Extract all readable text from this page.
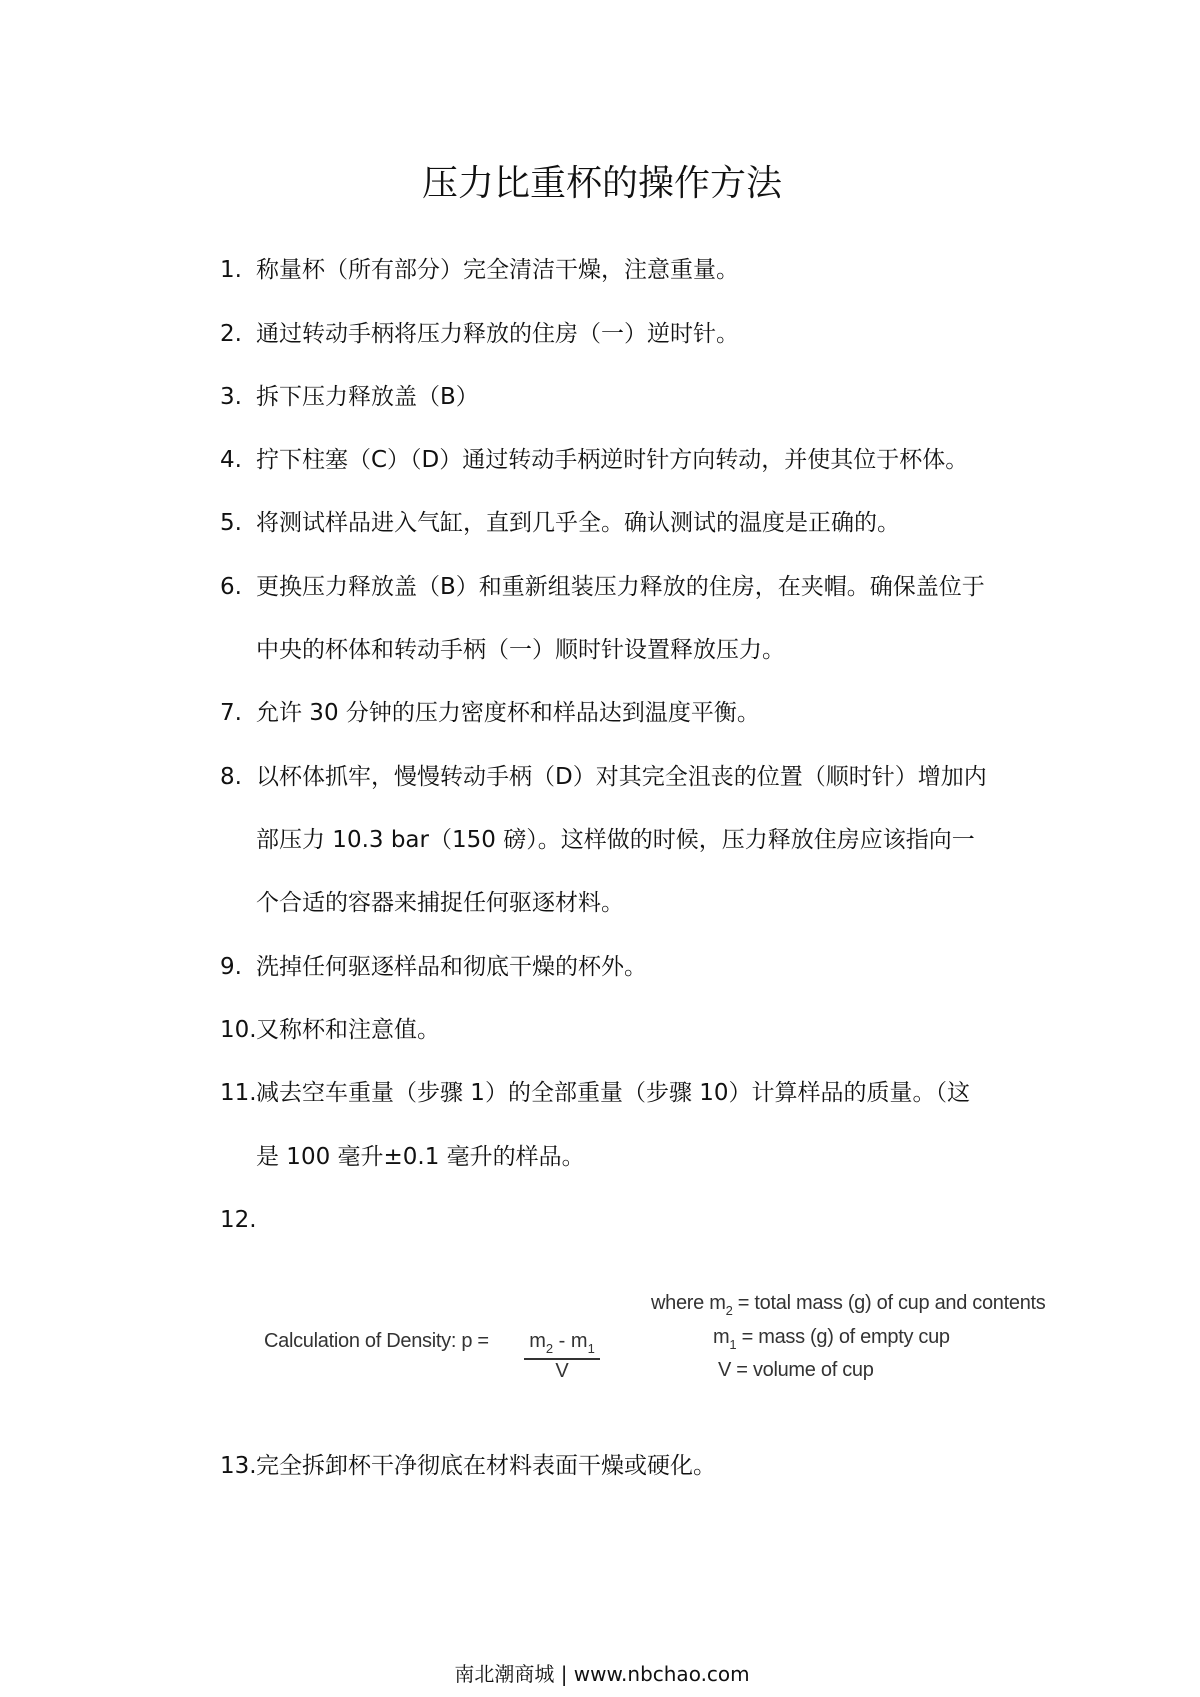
压力比重杯的操作方法
1. 称量杯（所有部分）完全清洁干燥，注意重量。
2. 通过转动手柄将压力释放的住房（一）逆时针。
3. 拆下压力释放盖（B）
4. 拧下柱塞（C）（D）通过转动手柄逆时针方向转动，并使其位于杯体。
5. 将测试样品进入气缸，直到几乎全。确认测试的温度是正确的。
6. 更换压力释放盖（B）和重新组装压力释放的住房，在夹帽。确保盖位于
中央的杯体和转动手柄（一）顺时针设置释放压力。
7. 允许 30 分钟的压力密度杯和样品达到温度平衡。
8. 以杯体抓牢，慢慢转动手柄（D）对其完全沮丧的位置（顺时针）增加内
部压力 10.3 bar（150 磅）。这样做的时候，压力释放住房应该指向一
个合适的容器来捕捉任何驱逐材料。
9. 洗掉任何驱逐样品和彻底干燥的杯外。
10.又称杯和注意值。
11.减去空车重量（步骤 1）的全部重量（步骤 10）计算样品的质量。（这
是 100 毫升±0.1 毫升的样品。
12.
13.完全拆卸杯干净彻底在材料表面干燥或硬化。
Calculation of Density: $p = \frac{m_2 - m_1}{V}$
where $m_2$ = total mass (g) of cup and contents
$m_1$ = mass (g) of empty cup
V = volume of cup
南北潮商城 | www.nbchao.com
